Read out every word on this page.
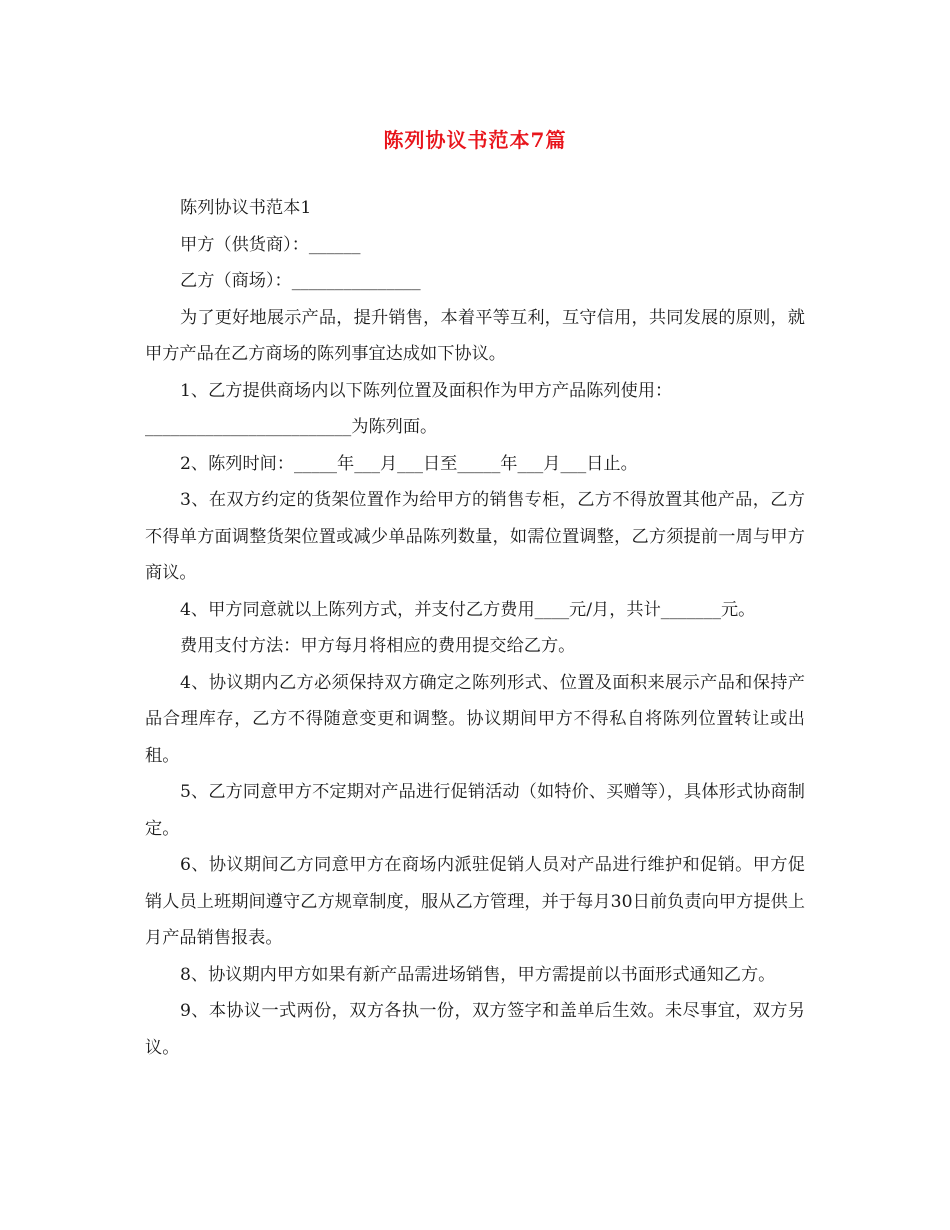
陈列协议书范本7篇

陈列协议书范本1

甲方（供货商）：______

乙方（商场）：_______________

为了更好地展示产品，提升销售，本着平等互利，互守信用，共同发展的原则，就甲方产品在乙方商场的陈列事宜达成如下协议。

1、乙方提供商场内以下陈列位置及面积作为甲方产品陈列使用：

________________________为陈列面。

2、陈列时间：_____年___月___日至_____年___月___日止。

3、在双方约定的货架位置作为给甲方的销售专柜，乙方不得放置其他产品，乙方不得单方面调整货架位置或减少单品陈列数量，如需位置调整，乙方须提前一周与甲方商议。

4、甲方同意就以上陈列方式，并支付乙方费用____元/月，共计_______元。

费用支付方法：甲方每月将相应的费用提交给乙方。

4、协议期内乙方必须保持双方确定之陈列形式、位置及面积来展示产品和保持产品合理库存，乙方不得随意变更和调整。协议期间甲方不得私自将陈列位置转让或出租。

5、乙方同意甲方不定期对产品进行促销活动（如特价、买赠等），具体形式协商制定。

6、协议期间乙方同意甲方在商场内派驻促销人员对产品进行维护和促销。甲方促销人员上班期间遵守乙方规章制度，服从乙方管理，并于每月30日前负责向甲方提供上月产品销售报表。

8、协议期内甲方如果有新产品需进场销售，甲方需提前以书面形式通知乙方。

9、本协议一式两份，双方各执一份，双方签字和盖单后生效。未尽事宜，双方另议。
